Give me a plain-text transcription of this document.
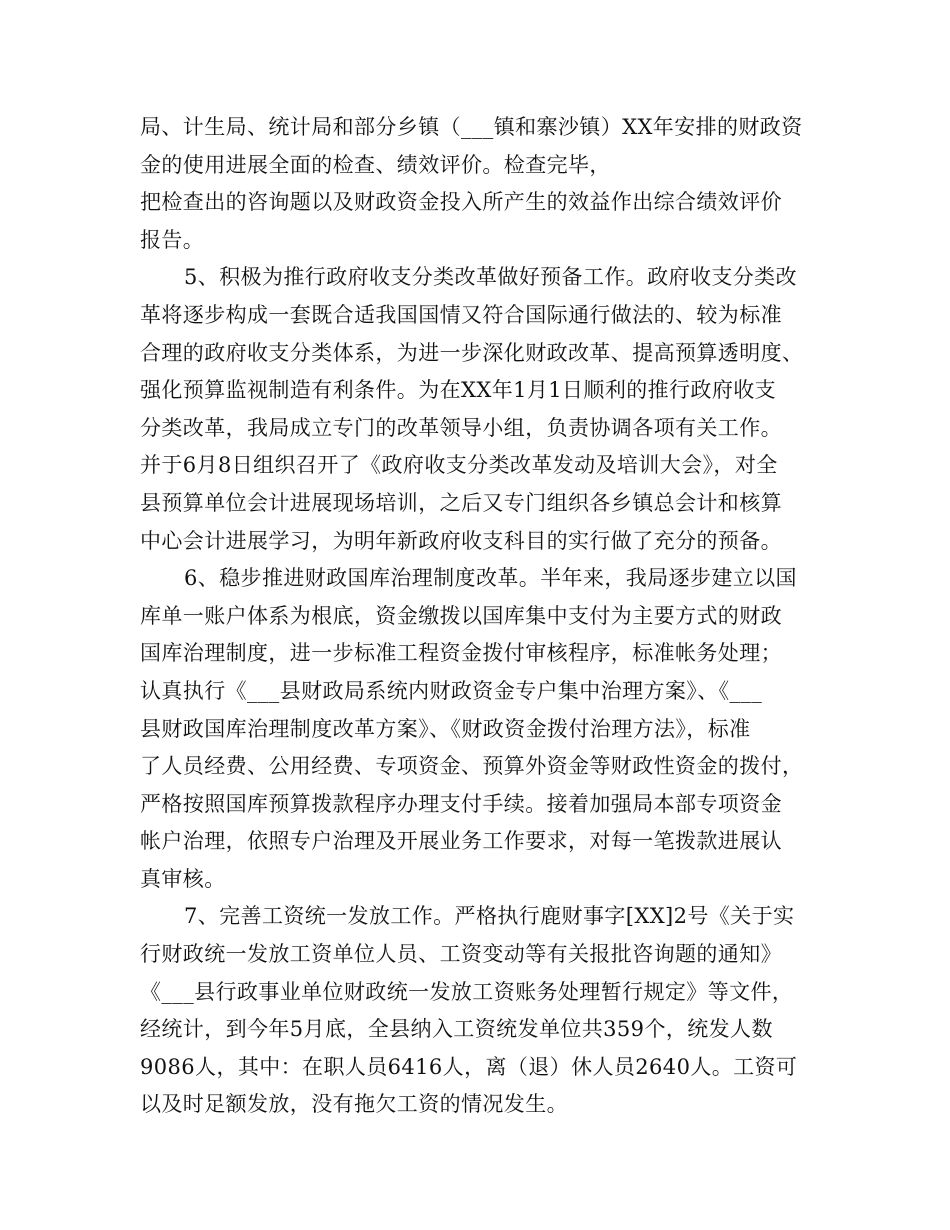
局、计生局、统计局和部分乡镇（___镇和寨沙镇）XX年安排的财政资
金的使用进展全面的检查、绩效评价。检查完毕，
把检查出的咨询题以及财政资金投入所产生的效益作出综合绩效评价
报告。
5、积极为推行政府收支分类改革做好预备工作。政府收支分类改
革将逐步构成一套既合适我国国情又符合国际通行做法的、较为标准
合理的政府收支分类体系，为进一步深化财政改革、提高预算透明度、
强化预算监视制造有利条件。为在XX年1月1日顺利的推行政府收支
分类改革，我局成立专门的改革领导小组，负责协调各项有关工作。
并于6月8日组织召开了《政府收支分类改革发动及培训大会》，对全
县预算单位会计进展现场培训，之后又专门组织各乡镇总会计和核算
中心会计进展学习，为明年新政府收支科目的实行做了充分的预备。
6、稳步推进财政国库治理制度改革。半年来，我局逐步建立以国
库单一账户体系为根底，资金缴拨以国库集中支付为主要方式的财政
国库治理制度，进一步标准工程资金拨付审核程序，标准帐务处理；
认真执行《___县财政局系统内财政资金专户集中治理方案》、《___
县财政国库治理制度改革方案》、《财政资金拨付治理方法》，标准
了人员经费、公用经费、专项资金、预算外资金等财政性资金的拨付，
严格按照国库预算拨款程序办理支付手续。接着加强局本部专项资金
帐户治理，依照专户治理及开展业务工作要求，对每一笔拨款进展认
真审核。
7、完善工资统一发放工作。严格执行鹿财事字[XX]2号《关于实
行财政统一发放工资单位人员、工资变动等有关报批咨询题的通知》
《___县行政事业单位财政统一发放工资账务处理暂行规定》等文件，
经统计，到今年5月底，全县纳入工资统发单位共359个，统发人数
9086人，其中：在职人员6416人，离（退）休人员2640人。工资可
以及时足额发放，没有拖欠工资的情况发生。
